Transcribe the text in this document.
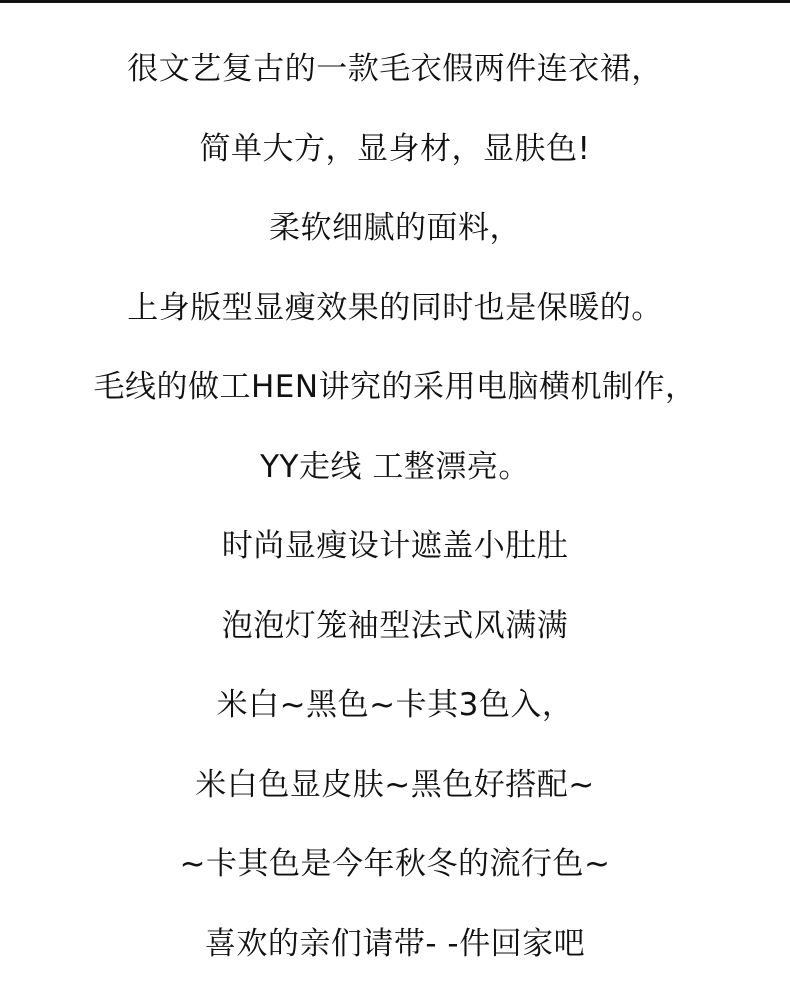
很文艺复古的一款毛衣假两件连衣裙，
简单大方，显身材，显肤色!
柔软细腻的面料，
上身版型显瘦效果的同时也是保暖的。
毛线的做工HEN讲究的采用电脑横机制作，
YY走线 工整漂亮。
时尚显瘦设计遮盖小肚肚
泡泡灯笼袖型法式风满满
米白~黑色~卡其3色入，
米白色显皮肤~黑色好搭配~
~卡其色是今年秋冬的流行色~
喜欢的亲们请带- -件回家吧
